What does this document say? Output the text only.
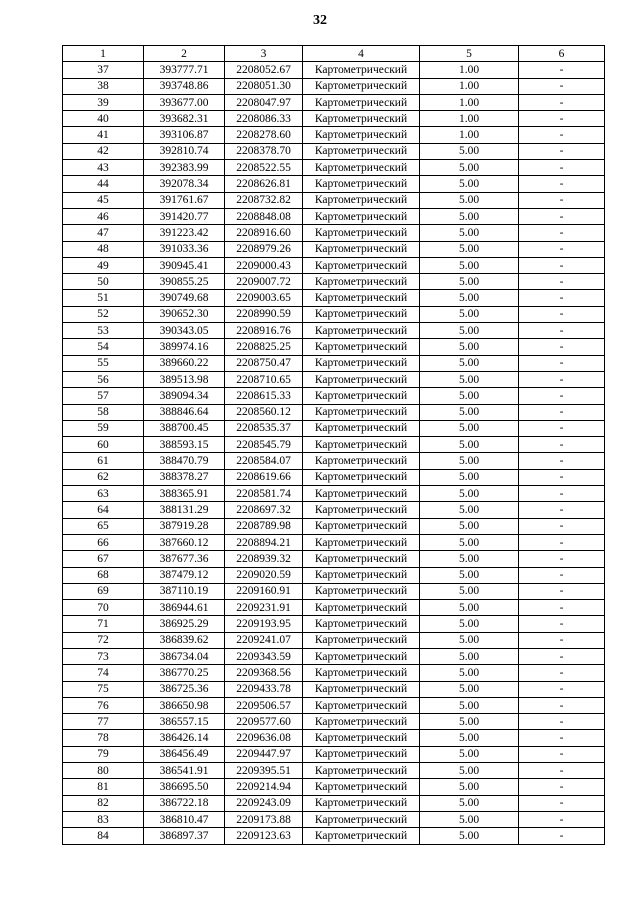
32
1	2	3	4	5	6
37	393777.71	2208052.67	Картометрический	1.00	-
38	393748.86	2208051.30	Картометрический	1.00	-
39	393677.00	2208047.97	Картометрический	1.00	-
40	393682.31	2208086.33	Картометрический	1.00	-
41	393106.87	2208278.60	Картометрический	1.00	-
42	392810.74	2208378.70	Картометрический	5.00	-
43	392383.99	2208522.55	Картометрический	5.00	-
44	392078.34	2208626.81	Картометрический	5.00	-
45	391761.67	2208732.82	Картометрический	5.00	-
46	391420.77	2208848.08	Картометрический	5.00	-
47	391223.42	2208916.60	Картометрический	5.00	-
48	391033.36	2208979.26	Картометрический	5.00	-
49	390945.41	2209000.43	Картометрический	5.00	-
50	390855.25	2209007.72	Картометрический	5.00	-
51	390749.68	2209003.65	Картометрический	5.00	-
52	390652.30	2208990.59	Картометрический	5.00	-
53	390343.05	2208916.76	Картометрический	5.00	-
54	389974.16	2208825.25	Картометрический	5.00	-
55	389660.22	2208750.47	Картометрический	5.00	-
56	389513.98	2208710.65	Картометрический	5.00	-
57	389094.34	2208615.33	Картометрический	5.00	-
58	388846.64	2208560.12	Картометрический	5.00	-
59	388700.45	2208535.37	Картометрический	5.00	-
60	388593.15	2208545.79	Картометрический	5.00	-
61	388470.79	2208584.07	Картометрический	5.00	-
62	388378.27	2208619.66	Картометрический	5.00	-
63	388365.91	2208581.74	Картометрический	5.00	-
64	388131.29	2208697.32	Картометрический	5.00	-
65	387919.28	2208789.98	Картометрический	5.00	-
66	387660.12	2208894.21	Картометрический	5.00	-
67	387677.36	2208939.32	Картометрический	5.00	-
68	387479.12	2209020.59	Картометрический	5.00	-
69	387110.19	2209160.91	Картометрический	5.00	-
70	386944.61	2209231.91	Картометрический	5.00	-
71	386925.29	2209193.95	Картометрический	5.00	-
72	386839.62	2209241.07	Картометрический	5.00	-
73	386734.04	2209343.59	Картометрический	5.00	-
74	386770.25	2209368.56	Картометрический	5.00	-
75	386725.36	2209433.78	Картометрический	5.00	-
76	386650.98	2209506.57	Картометрический	5.00	-
77	386557.15	2209577.60	Картометрический	5.00	-
78	386426.14	2209636.08	Картометрический	5.00	-
79	386456.49	2209447.97	Картометрический	5.00	-
80	386541.91	2209395.51	Картометрический	5.00	-
81	386695.50	2209214.94	Картометрический	5.00	-
82	386722.18	2209243.09	Картометрический	5.00	-
83	386810.47	2209173.88	Картометрический	5.00	-
84	386897.37	2209123.63	Картометрический	5.00	-
